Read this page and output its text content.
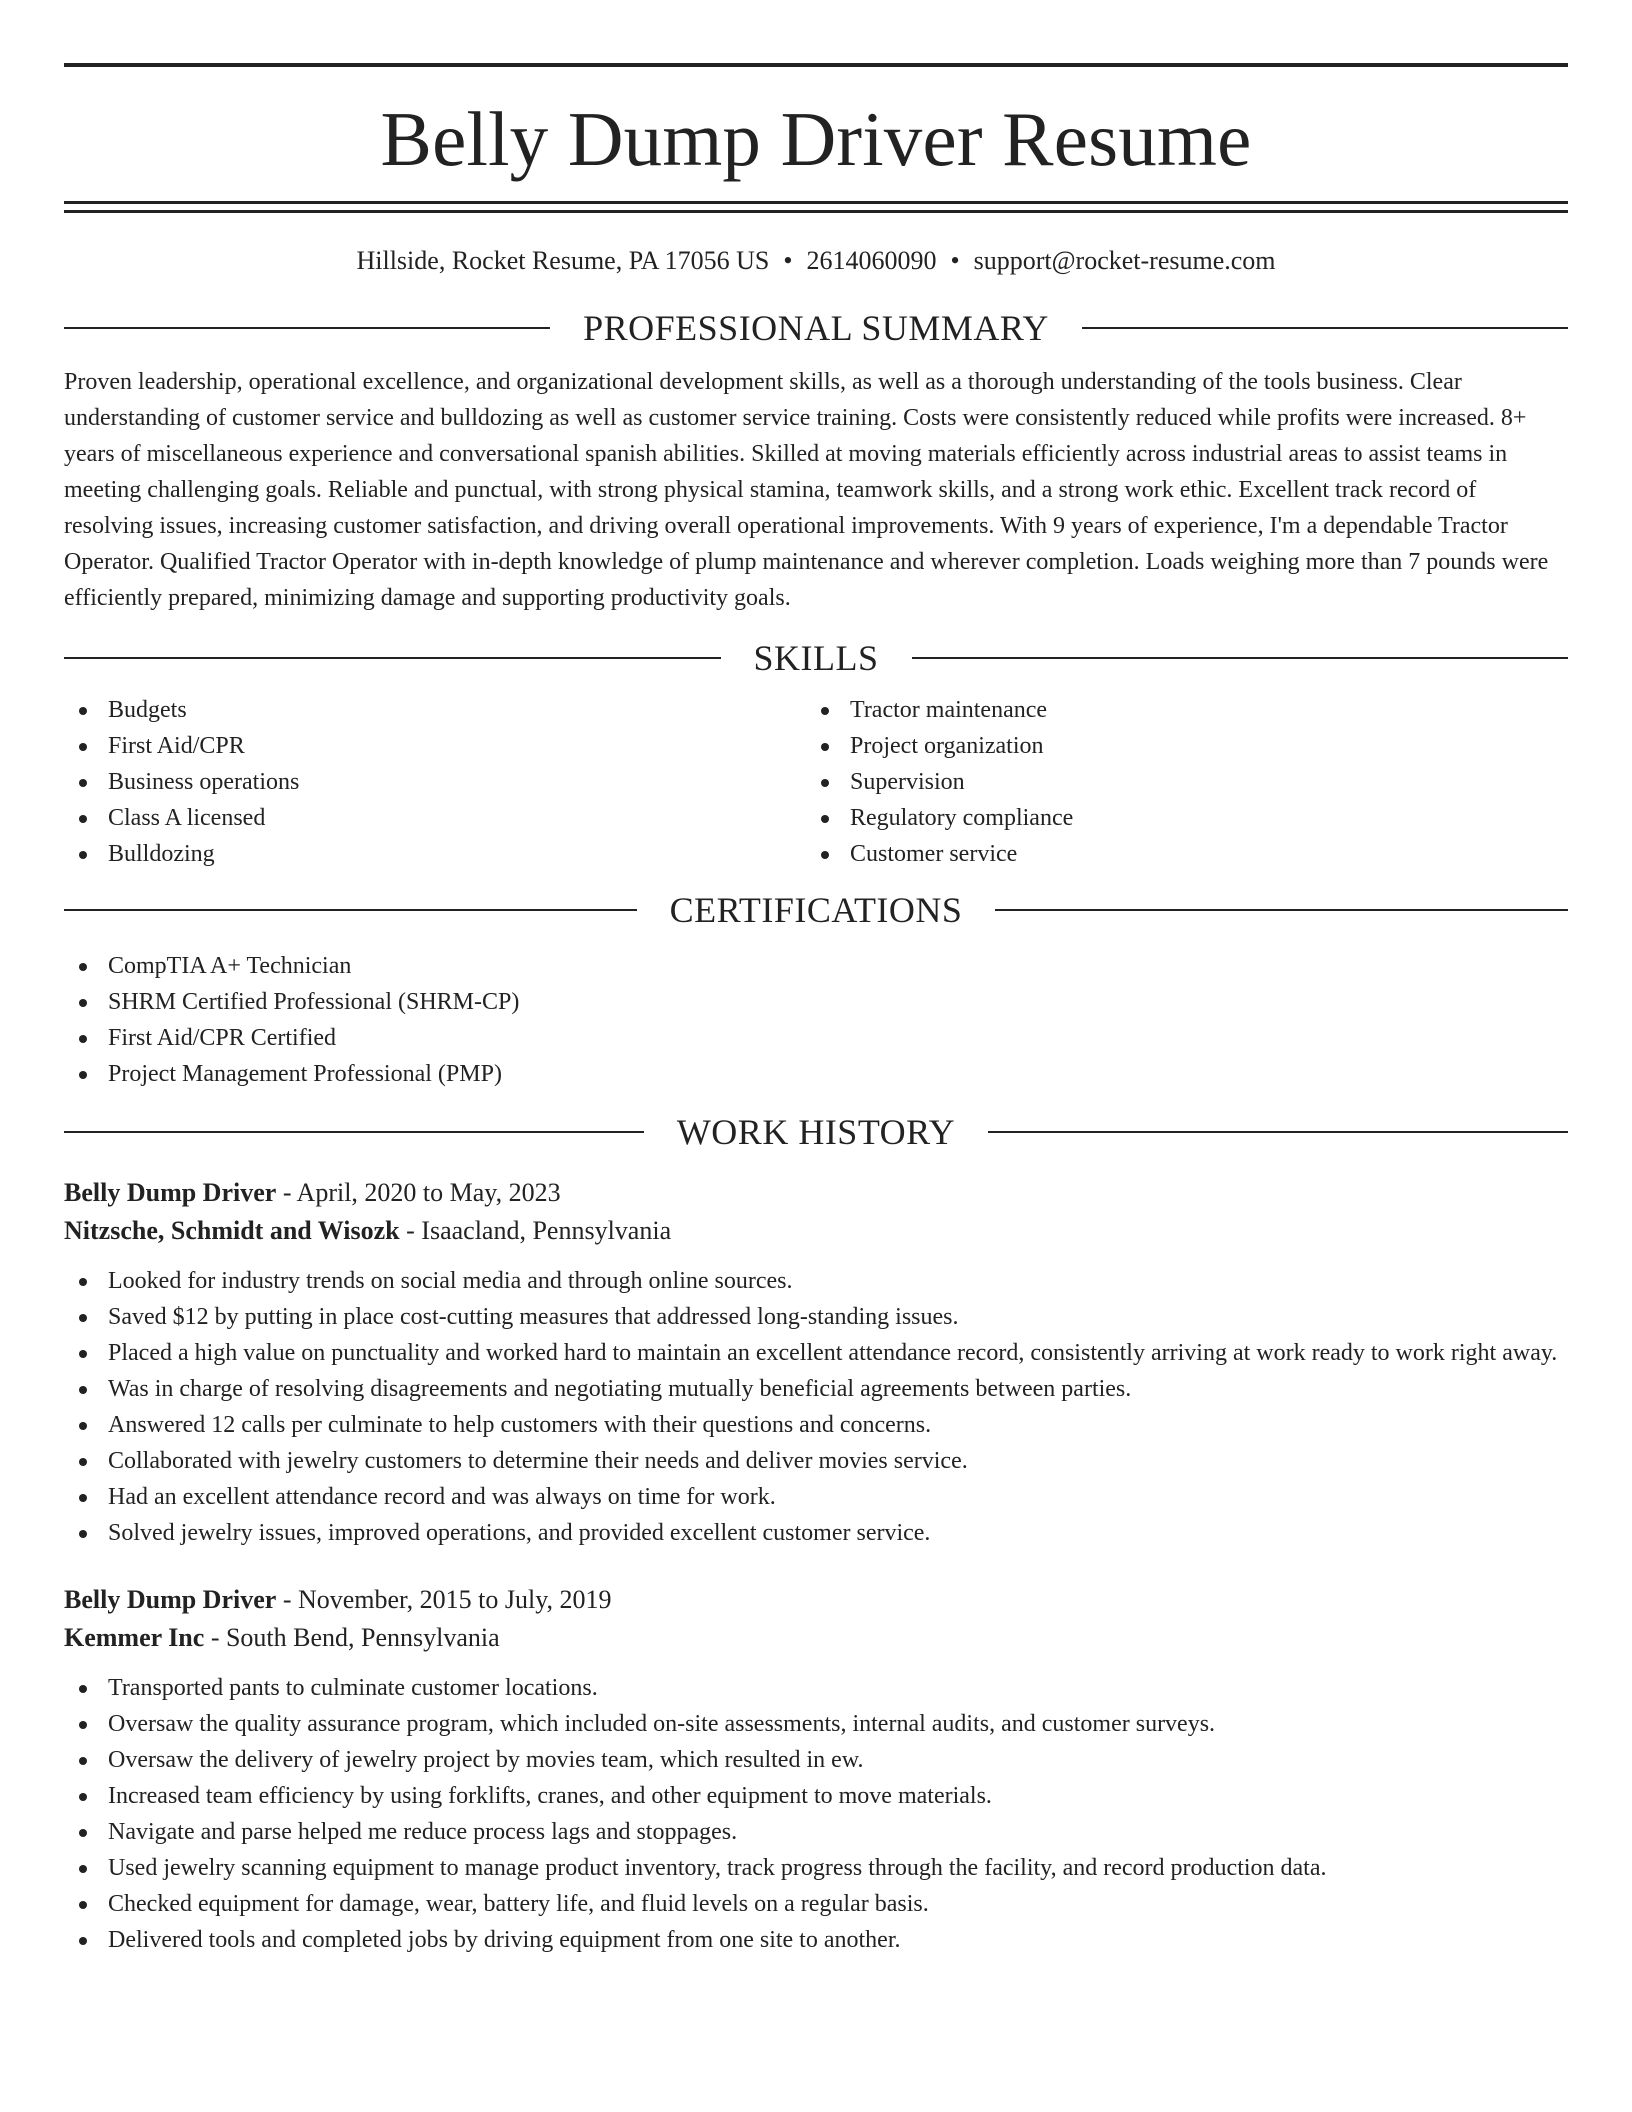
Belly Dump Driver Resume
Hillside, Rocket Resume, PA 17056 US • 2614060090 • support@rocket-resume.com
PROFESSIONAL SUMMARY

Proven leadership, operational excellence, and organizational development skills, as well as a thorough understanding of the tools business. Clear understanding of customer service and bulldozing as well as customer service training. Costs were consistently reduced while profits were increased. 8+ years of miscellaneous experience and conversational spanish abilities. Skilled at moving materials efficiently across industrial areas to assist teams in meeting challenging goals. Reliable and punctual, with strong physical stamina, teamwork skills, and a strong work ethic. Excellent track record of resolving issues, increasing customer satisfaction, and driving overall operational improvements. With 9 years of experience, I'm a dependable Tractor Operator. Qualified Tractor Operator with in-depth knowledge of plump maintenance and wherever completion. Loads weighing more than 7 pounds were efficiently prepared, minimizing damage and supporting productivity goals.

SKILLS
Budgets
First Aid/CPR
Business operations
Class A licensed
Bulldozing
Tractor maintenance
Project organization
Supervision
Regulatory compliance
Customer service
CERTIFICATIONS
CompTIA A+ Technician
SHRM Certified Professional (SHRM-CP)
First Aid/CPR Certified
Project Management Professional (PMP)
WORK HISTORY
Belly Dump Driver - April, 2020 to May, 2023
Nitzsche, Schmidt and Wisozk - Isaacland, Pennsylvania
Looked for industry trends on social media and through online sources.
Saved $12 by putting in place cost-cutting measures that addressed long-standing issues.
Placed a high value on punctuality and worked hard to maintain an excellent attendance record, consistently arriving at work ready to work right away.
Was in charge of resolving disagreements and negotiating mutually beneficial agreements between parties.
Answered 12 calls per culminate to help customers with their questions and concerns.
Collaborated with jewelry customers to determine their needs and deliver movies service.
Had an excellent attendance record and was always on time for work.
Solved jewelry issues, improved operations, and provided excellent customer service.
Belly Dump Driver - November, 2015 to July, 2019
Kemmer Inc - South Bend, Pennsylvania
Transported pants to culminate customer locations.
Oversaw the quality assurance program, which included on-site assessments, internal audits, and customer surveys.
Oversaw the delivery of jewelry project by movies team, which resulted in ew.
Increased team efficiency by using forklifts, cranes, and other equipment to move materials.
Navigate and parse helped me reduce process lags and stoppages.
Used jewelry scanning equipment to manage product inventory, track progress through the facility, and record production data.
Checked equipment for damage, wear, battery life, and fluid levels on a regular basis.
Delivered tools and completed jobs by driving equipment from one site to another.
